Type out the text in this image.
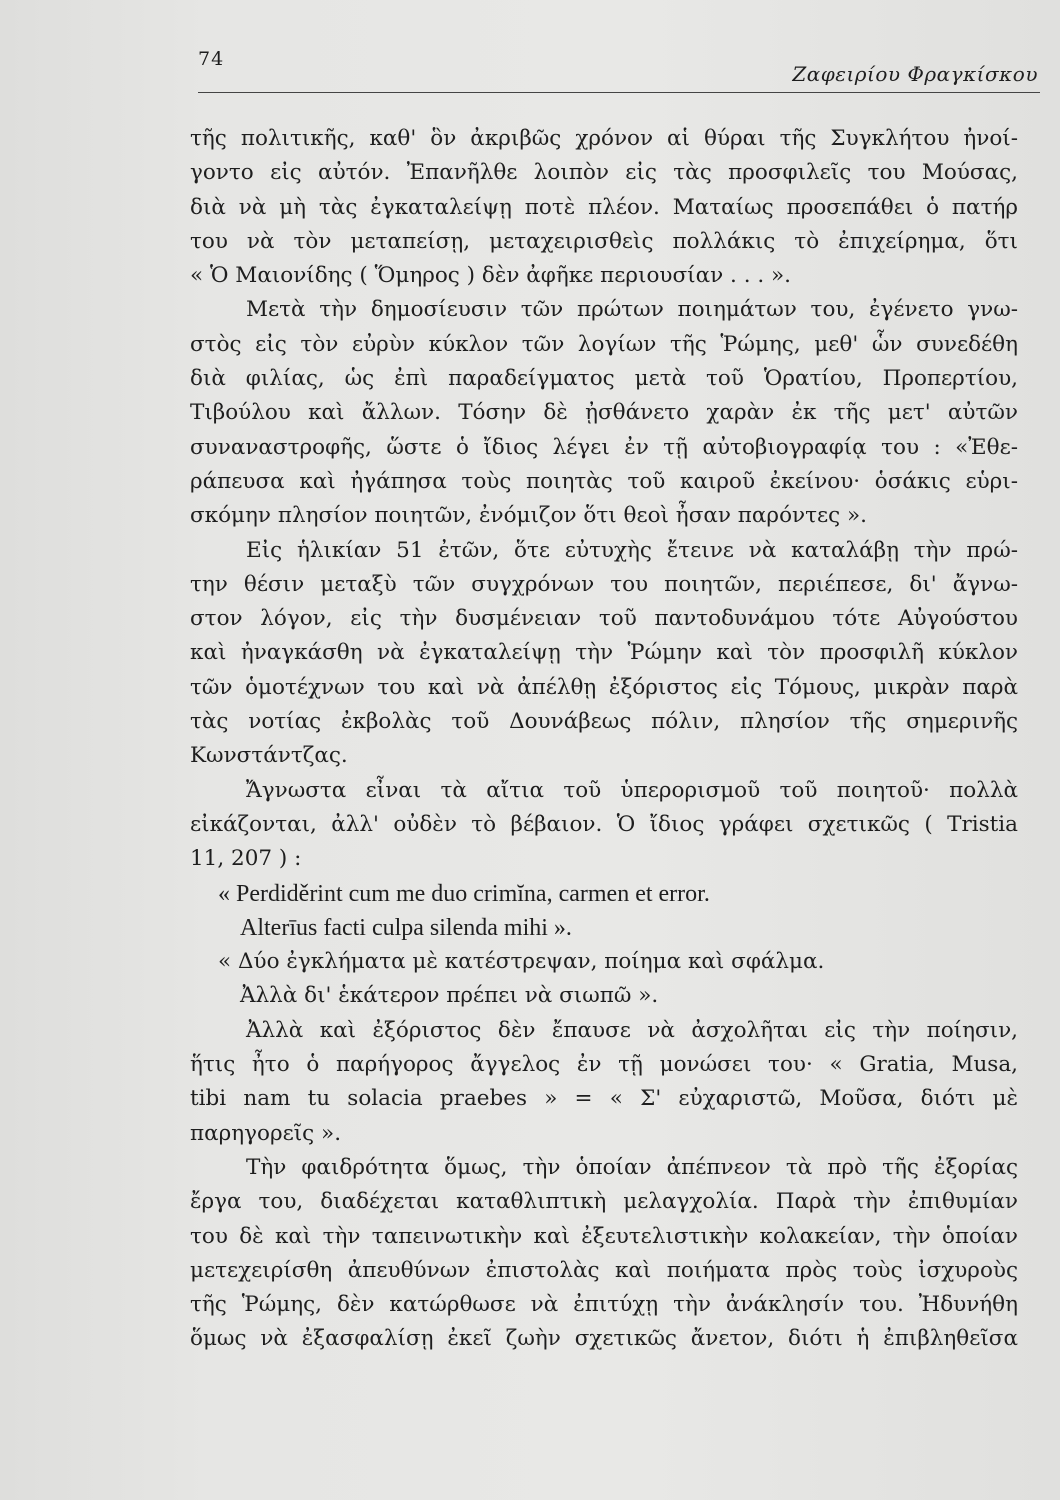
74
Ζαφειρίου Φραγκίσκου
τῆς πολιτικῆς, καθ' ὃν ἀκριβῶς χρόνον αἱ θύραι τῆς Συγκλήτου ἠνοί-
γοντο εἰς αὐτόν. Ἐπανῆλθε λοιπὸν εἰς τὰς προσφιλεῖς του Μούσας,
διὰ νὰ μὴ τὰς ἐγκαταλείψῃ ποτὲ πλέον. Ματαίως προσεπάθει ὁ πατήρ
του νὰ τὸν μεταπείσῃ, μεταχειρισθεὶς πολλάκις τὸ ἐπιχείρημα, ὅτι
« Ὁ Μαιονίδης ( Ὅμηρος ) δὲν ἀφῆκε περιουσίαν . . . ».
Μετὰ τὴν δημοσίευσιν τῶν πρώτων ποιημάτων του, ἐγένετο γνω-
στὸς εἰς τὸν εὐρὺν κύκλον τῶν λογίων τῆς Ῥώμης, μεθ' ὧν συνεδέθη
διὰ φιλίας, ὡς ἐπὶ παραδείγματος μετὰ τοῦ Ὁρατίου, Προπερτίου,
Τιβούλου καὶ ἄλλων. Τόσην δὲ ᾐσθάνετο χαρὰν ἐκ τῆς μετ' αὐτῶν
συναναστροφῆς, ὥστε ὁ ἴδιος λέγει ἐν τῇ αὐτοβιογραφίᾳ του : «Ἐθε-
ράπευσα καὶ ἠγάπησα τοὺς ποιητὰς τοῦ καιροῦ ἐκείνου· ὁσάκις εὑρι-
σκόμην πλησίον ποιητῶν, ἐνόμιζον ὅτι θεοὶ ἦσαν παρόντες ».
Εἰς ἡλικίαν 51 ἐτῶν, ὅτε εὐτυχὴς ἔτεινε νὰ καταλάβῃ τὴν πρώ-
την θέσιν μεταξὺ τῶν συγχρόνων του ποιητῶν, περιέπεσε, δι' ἄγνω-
στον λόγον, εἰς τὴν δυσμένειαν τοῦ παντοδυνάμου τότε Αὐγούστου
καὶ ἠναγκάσθη νὰ ἐγκαταλείψῃ τὴν Ῥώμην καὶ τὸν προσφιλῆ κύκλον
τῶν ὁμοτέχνων του καὶ νὰ ἀπέλθῃ ἐξόριστος εἰς Τόμους, μικρὰν παρὰ
τὰς νοτίας ἐκβολὰς τοῦ Δουνάβεως πόλιν, πλησίον τῆς σημερινῆς
Κωνστάντζας.
Ἄγνωστα εἶναι τὰ αἴτια τοῦ ὑπερορισμοῦ τοῦ ποιητοῦ· πολλὰ
εἰκάζονται, ἀλλ' οὐδὲν τὸ βέβαιον. Ὁ ἴδιος γράφει σχετικῶς ( Tristia
11, 207 ) :
« Perdiděrint cum me duo crimĭna, carmen et error.
Alterīus facti culpa silenda mihi ».
« Δύο ἐγκλήματα μὲ κατέστρεψαν, ποίημα καὶ σφάλμα.
Ἀλλὰ δι' ἑκάτερον πρέπει νὰ σιωπῶ ».
Ἀλλὰ καὶ ἐξόριστος δὲν ἔπαυσε νὰ ἀσχολῆται εἰς τὴν ποίησιν,
ἥτις ἦτο ὁ παρήγορος ἄγγελος ἐν τῇ μονώσει του· « Gratia, Musa,
tibi nam tu solacia praebes » = « Σ' εὐχαριστῶ, Μοῦσα, διότι μὲ
παρηγορεῖς ».
Τὴν φαιδρότητα ὅμως, τὴν ὁποίαν ἀπέπνεον τὰ πρὸ τῆς ἐξορίας
ἔργα του, διαδέχεται καταθλιπτικὴ μελαγχολία. Παρὰ τὴν ἐπιθυμίαν
του δὲ καὶ τὴν ταπεινωτικὴν καὶ ἐξευτελιστικὴν κολακείαν, τὴν ὁποίαν
μετεχειρίσθη ἀπευθύνων ἐπιστολὰς καὶ ποιήματα πρὸς τοὺς ἰσχυροὺς
τῆς Ῥώμης, δὲν κατώρθωσε νὰ ἐπιτύχῃ τὴν ἀνάκλησίν του. Ἠδυνήθη
ὅμως νὰ ἐξασφαλίσῃ ἐκεῖ ζωὴν σχετικῶς ἄνετον, διότι ἡ ἐπιβληθεῖσα
